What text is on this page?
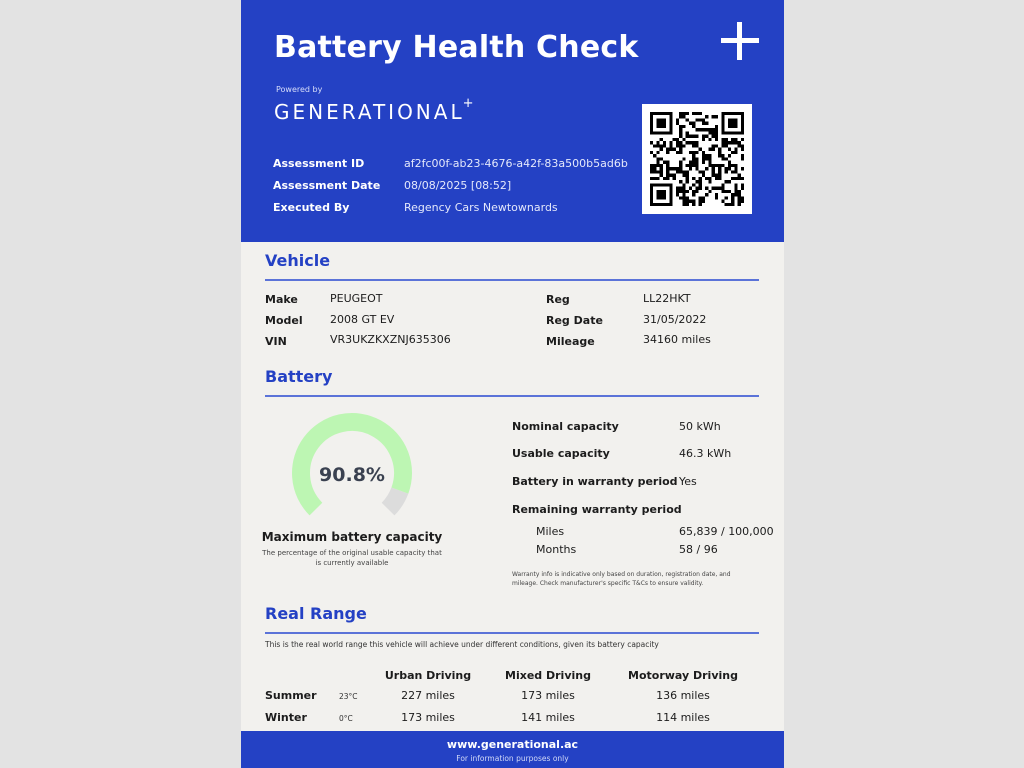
Battery Health Check
Powered by
GENERATIONAL+
Assessment ID	af2fc00f-ab23-4676-a42f-83a500b5ad6b
Assessment Date 08/08/2025 [08:52]
Executed By	Regency Cars Newtownards
Vehicle
Make	PEUGEOT
Model 2008 GT EV
VIN	VR3UKZKXZNJ635306
Reg	LL22HKT
Reg Date	31/05/2022
Mileage	34160 miles
Battery
90.8%
Maximum battery capacity
The percentage of the original usable capacity that is currently available
Nominal capacity	50 kWh
Usable capacity	46.3 kWh
Battery in warranty period Yes
Remaining warranty period
Miles	65,839 / 100,000
Months	58 / 96
Warranty info is indicative only based on duration, registration date, and mileage. Check manufacturer's specific T&Cs to ensure validity.
Real Range
This is the real world range this vehicle will achieve under different conditions, given its battery capacity
Urban Driving	Mixed Driving	Motorway Driving
Summer	23°C	227 miles	173 miles	136 miles
Winter	0°C	173 miles	141 miles	114 miles
www.generational.ac
For information purposes only
